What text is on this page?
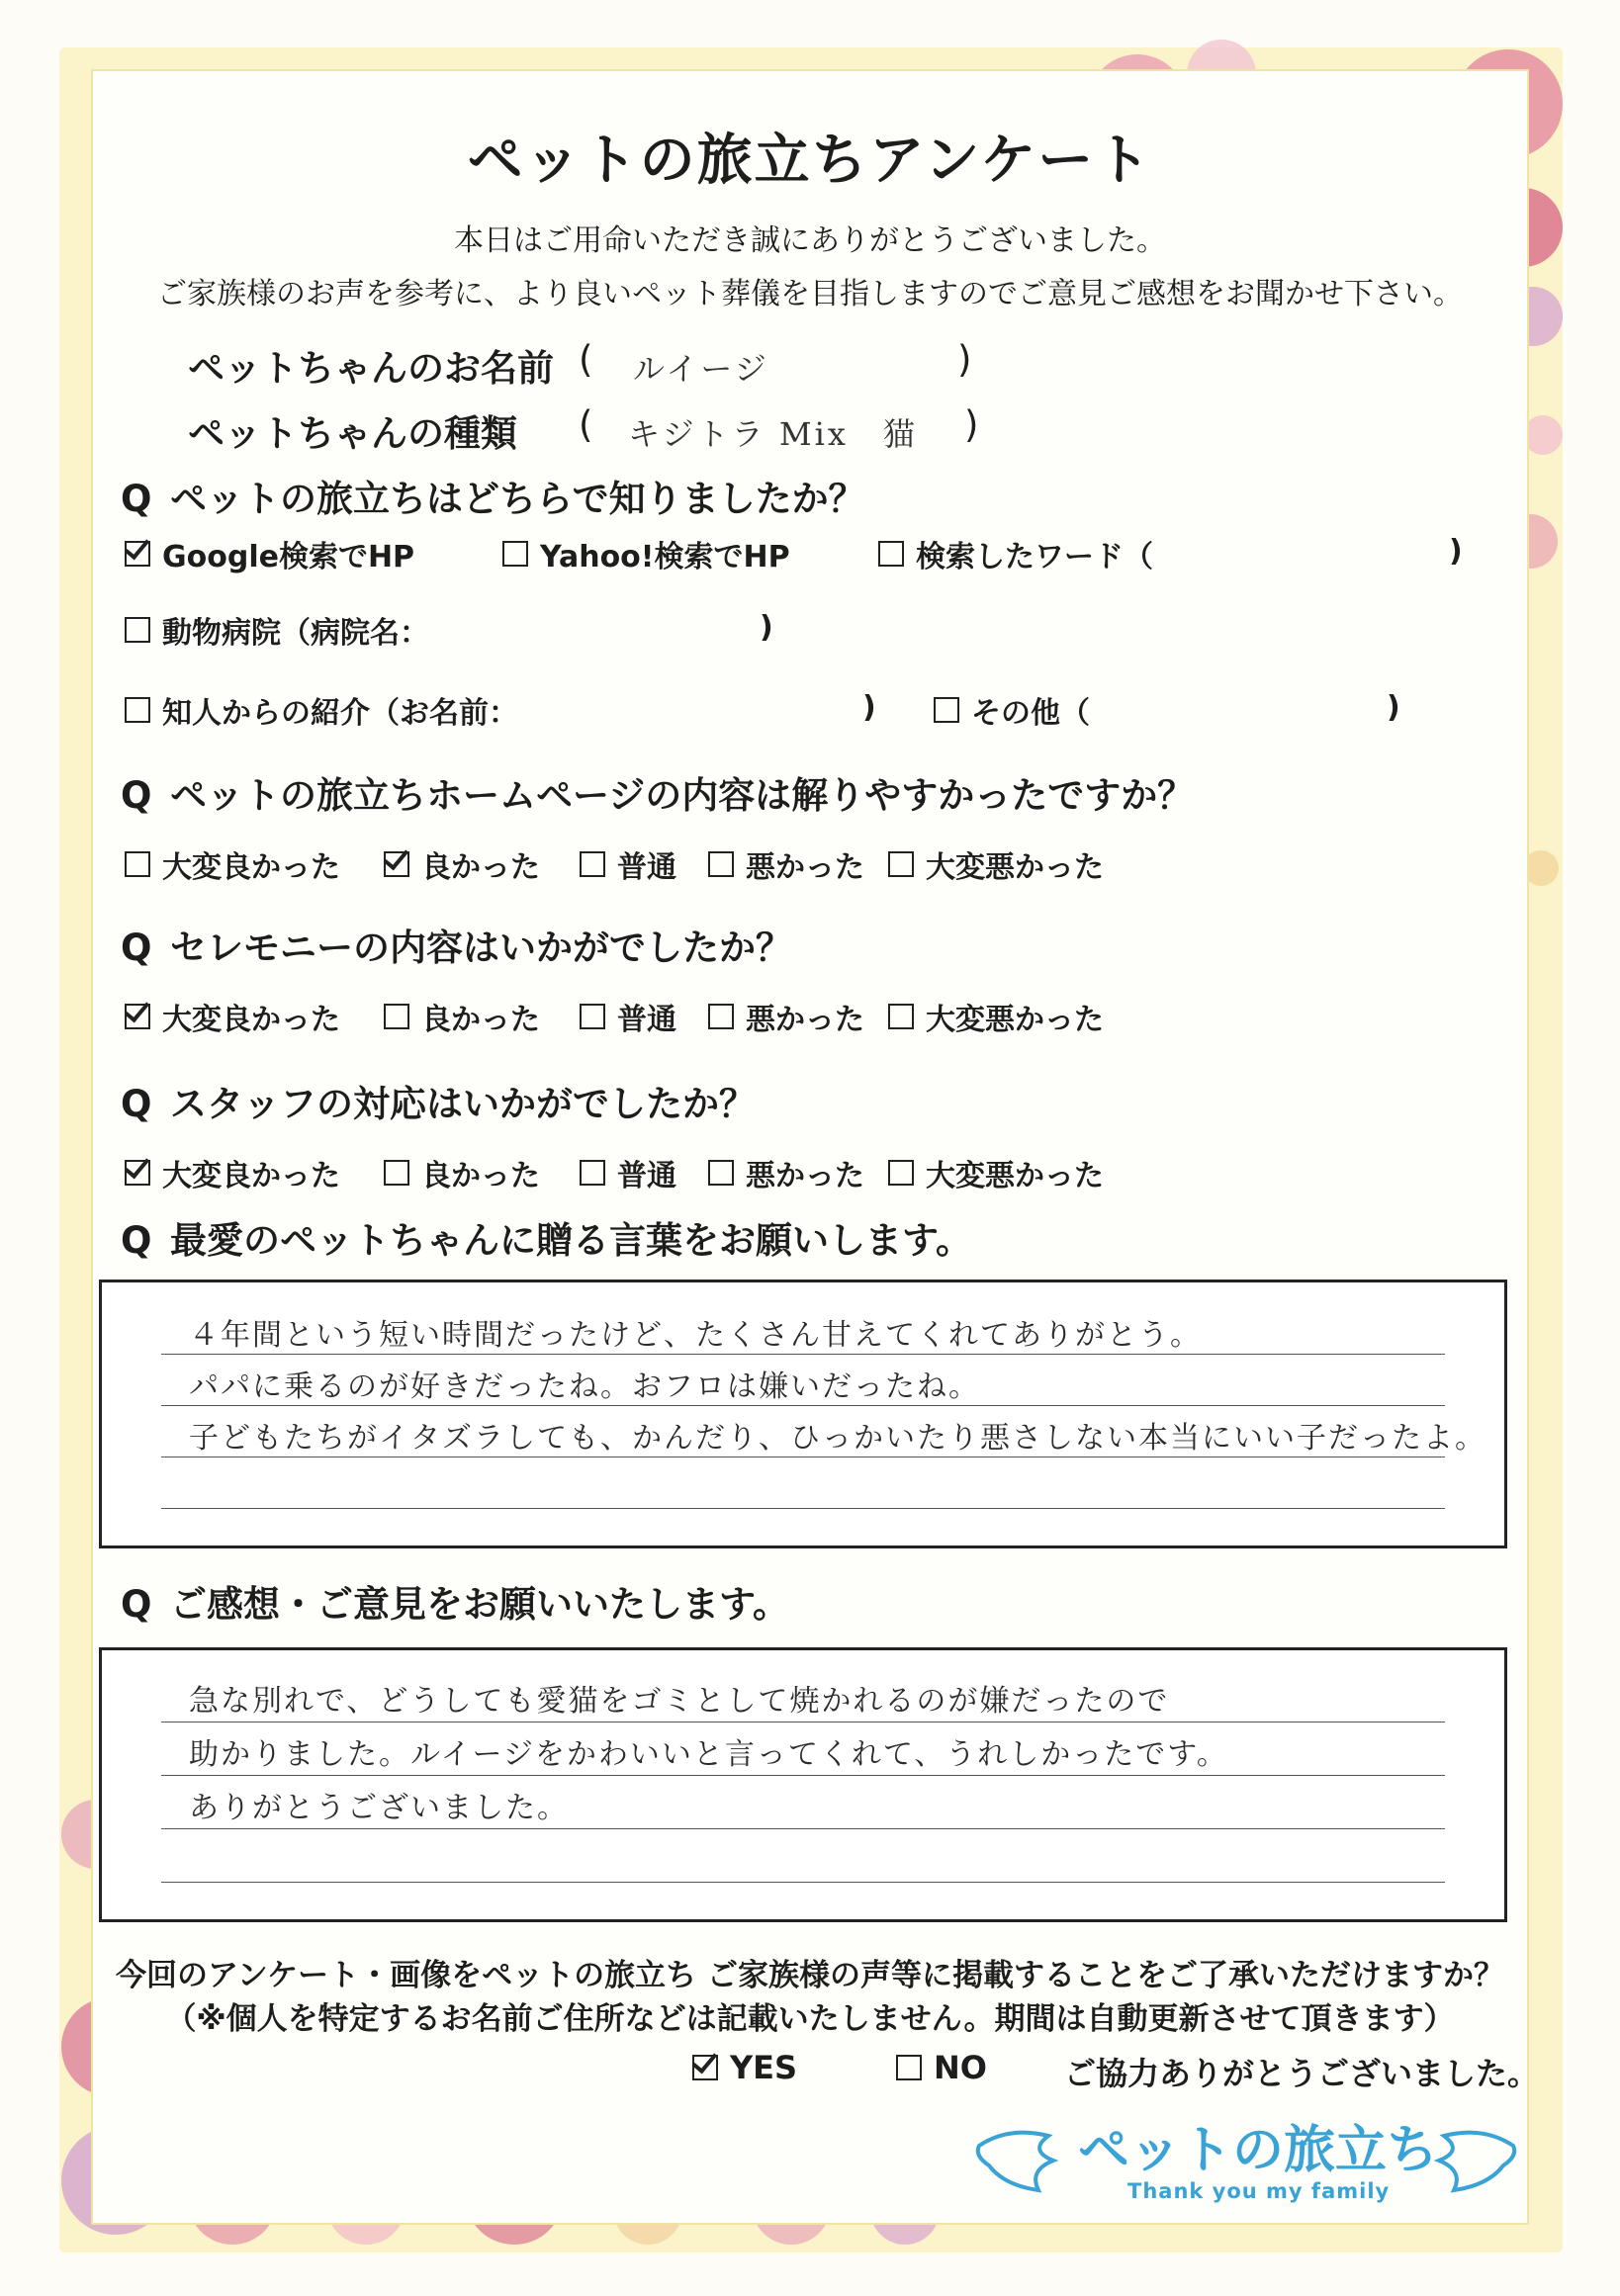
ペットの旅立ちアンケート
本日はご用命いただき誠にありがとうございました。
ご家族様のお声を参考に、より良いペット葬儀を目指しますのでご意見ご感想をお聞かせ下さい。
ペットちゃんのお名前 ( ルイージ	)
ペットちゃんの種類 ( キジトラ Mix　猫 )
Q ペットの旅立ちはどちらで知りましたか？
Google検索でHP	Yahoo!検索でHP	検索したワード（	)
動物病院（病院名：	)
知人からの紹介（お名前：	)	その他（	)
Q ペットの旅立ちホームページの内容は解りやすかったですか？
大変良かった	良かった	普通 悪かった 大変悪かった
Q セレモニーの内容はいかがでしたか？
大変良かった	良かった	普通 悪かった 大変悪かった
Q スタッフの対応はいかがでしたか？
大変良かった	良かった	普通 悪かった 大変悪かった
Q 最愛のペットちゃんに贈る言葉をお願いします。
４年間という短い時間だったけど、たくさん甘えてくれてありがとう。
パパに乗るのが好きだったね。おフロは嫌いだったね。
子どもたちがイタズラしても、かんだり、ひっかいたり悪さしない本当にいい子だったよ。
Q ご感想・ご意見をお願いいたします。
急な別れで、どうしても愛猫をゴミとして焼かれるのが嫌だったので
助かりました。ルイージをかわいいと言ってくれて、うれしかったです。
ありがとうございました。
今回のアンケート・画像をペットの旅立ち ご家族様の声等に掲載することをご了承いただけますか？
（※個人を特定するお名前ご住所などは記載いたしません。期間は自動更新させて頂きます）
YES	NO ご協力ありがとうございました。
ペットの旅立ち
Thank you my family
